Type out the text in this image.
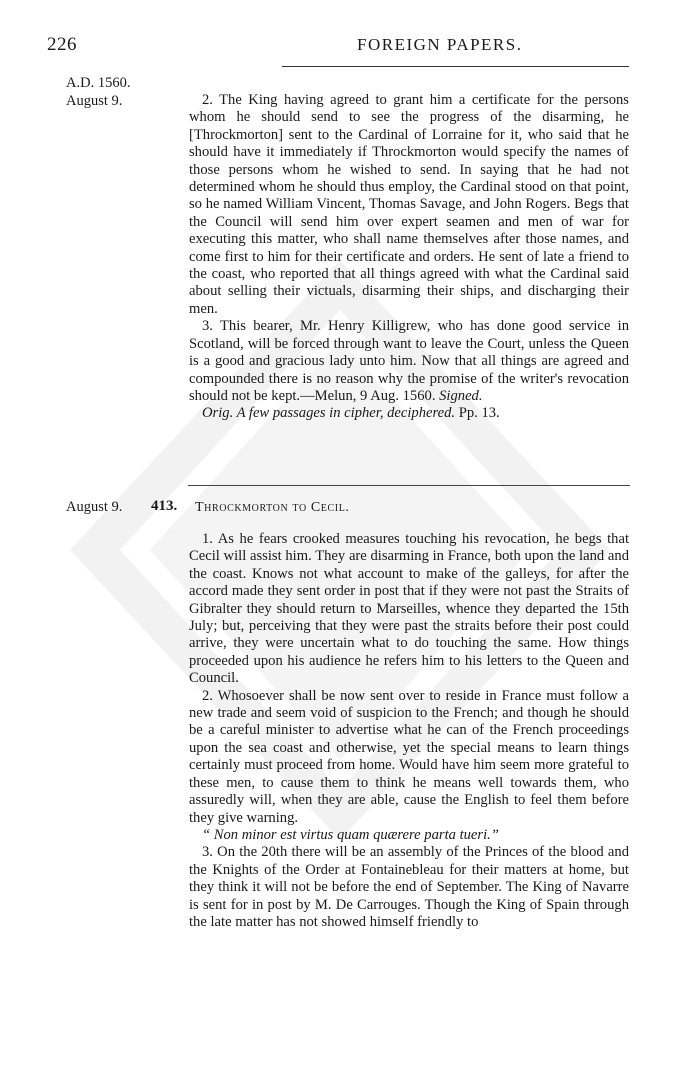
226	FOREIGN PAPERS.
A.D. 1560.
August 9.	2. The King having agreed to grant him a certificate for the persons whom he should send to see the progress of the disarming, he [Throckmorton] sent to the Cardinal of Lorraine for it, who said that he should have it immediately if Throckmorton would specify the names of those persons whom he wished to send. In saying that he had not determined whom he should thus employ, the Cardinal stood on that point, so he named William Vincent, Thomas Savage, and John Rogers. Begs that the Council will send him over expert seamen and men of war for executing this matter, who shall name themselves after those names, and come first to him for their certificate and orders. He sent of late a friend to the coast, who reported that all things agreed with what the Cardinal said about selling their victuals, disarming their ships, and discharging their men.

3. This bearer, Mr. Henry Killigrew, who has done good service in Scotland, will be forced through want to leave the Court, unless the Queen is a good and gracious lady unto him. Now that all things are agreed and compounded there is no reason why the promise of the writer's revocation should not be kept.—Melun, 9 Aug. 1560. Signed.

Orig. A few passages in cipher, deciphered. Pp. 13.

August 9. 413. Throckmorton to Cecil.

1. As he fears crooked measures touching his revocation, he begs that Cecil will assist him. They are disarming in France, both upon the land and the coast. Knows not what account to make of the galleys, for after the accord made they sent order in post that if they were not past the Straits of Gibralter they should return to Marseilles, whence they departed the 15th July; but, perceiving that they were past the straits before their post could arrive, they were uncertain what to do touching the same. How things proceeded upon his audience he refers him to his letters to the Queen and Council.

2. Whosoever shall be now sent over to reside in France must follow a new trade and seem void of suspicion to the French; and though he should be a careful minister to advertise what he can of the French proceedings upon the sea coast and otherwise, yet the special means to learn things certainly must proceed from home. Would have him seem more grateful to these men, to cause them to think he means well towards them, who assuredly will, when they are able, cause the English to feel them before they give warning.

“ Non minor est virtus quam quærere parta tueri.”

3. On the 20th there will be an assembly of the Princes of the blood and the Knights of the Order at Fontainebleau for their matters at home, but they think it will not be before the end of September. The King of Navarre is sent for in post by M. De Carrouges. Though the King of Spain through the late matter has not showed himself friendly to
